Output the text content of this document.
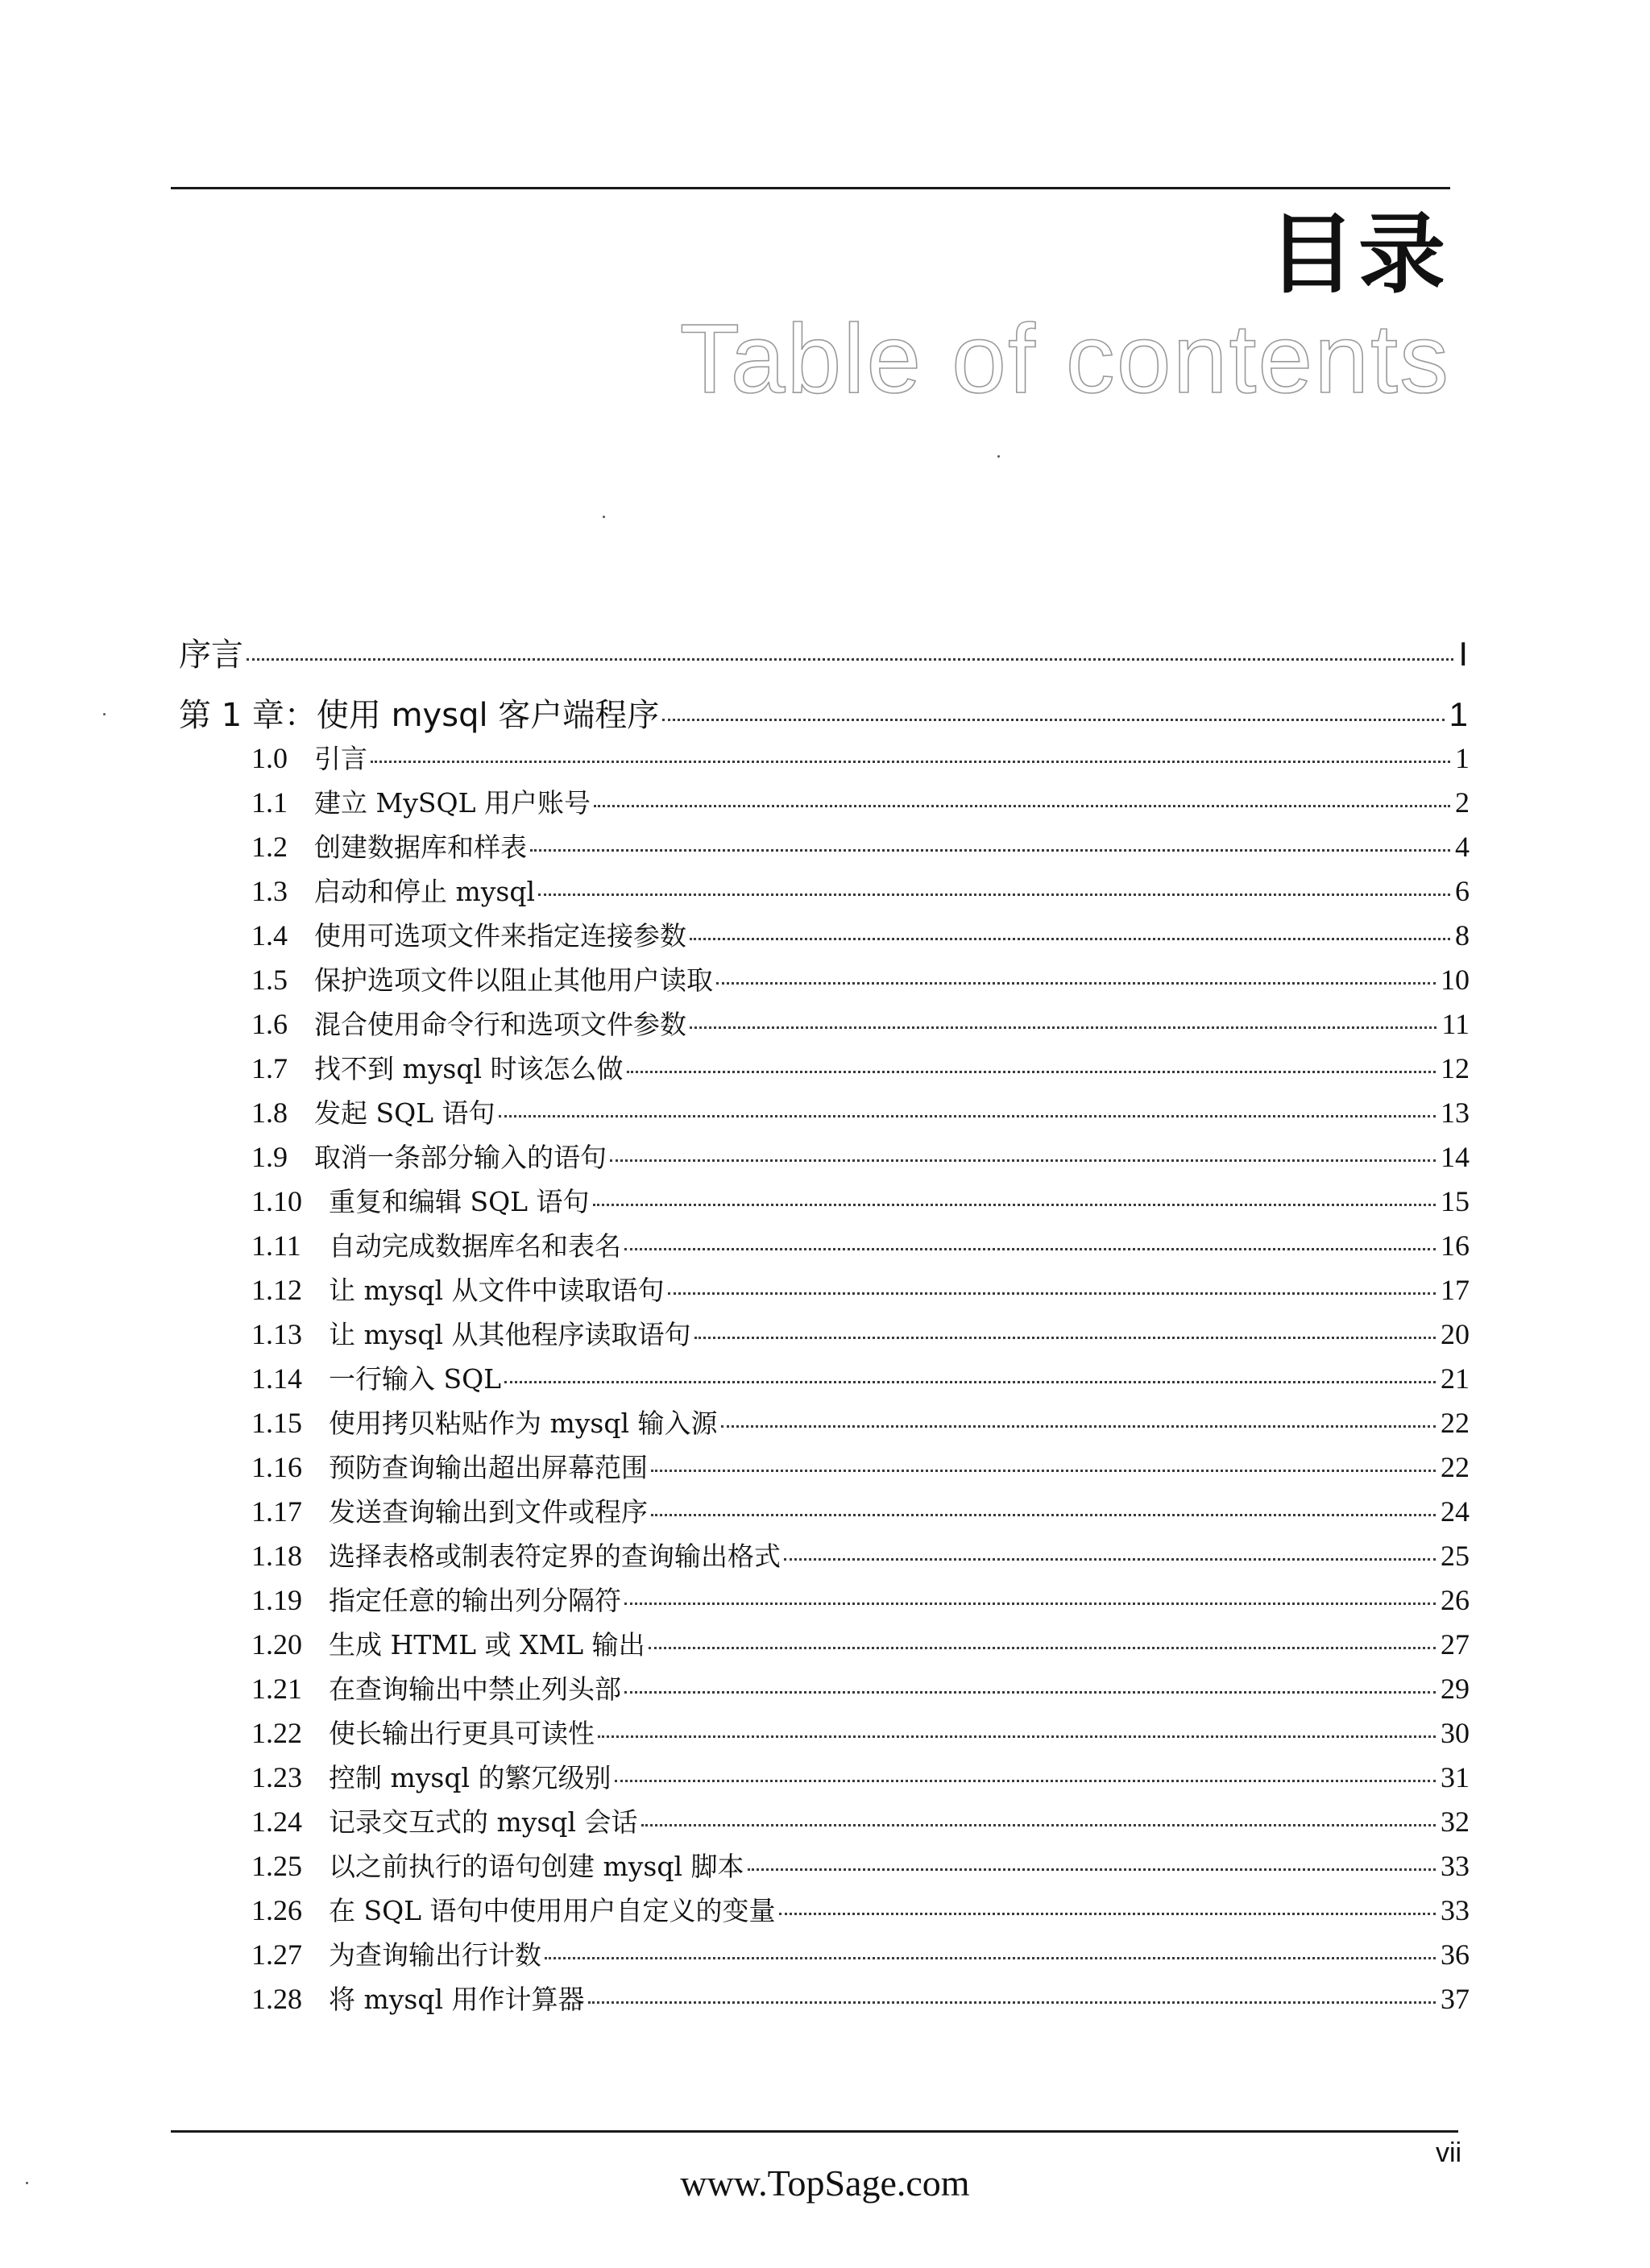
目录
Table of contents
序言	I
第 1 章：使用 mysql 客户端程序	1
1.0 引言	1
1.1 建立 MySQL 用户账号	2
1.2 创建数据库和样表	4
1.3 启动和停止 mysql	6
1.4 使用可选项文件来指定连接参数	8
1.5 保护选项文件以阻止其他用户读取	10
1.6 混合使用命令行和选项文件参数	11
1.7 找不到 mysql 时该怎么做	12
1.8 发起 SQL 语句	13
1.9 取消一条部分输入的语句	14
1.10 重复和编辑 SQL 语句	15
1.11 自动完成数据库名和表名	16
1.12 让 mysql 从文件中读取语句	17
1.13 让 mysql 从其他程序读取语句	20
1.14 一行输入 SQL	21
1.15 使用拷贝粘贴作为 mysql 输入源	22
1.16 预防查询输出超出屏幕范围	22
1.17 发送查询输出到文件或程序	24
1.18 选择表格或制表符定界的查询输出格式	25
1.19 指定任意的输出列分隔符	26
1.20 生成 HTML 或 XML 输出	27
1.21 在查询输出中禁止列头部	29
1.22 使长输出行更具可读性	30
1.23 控制 mysql 的繁冗级别	31
1.24 记录交互式的 mysql 会话	32
1.25 以之前执行的语句创建 mysql 脚本	33
1.26 在 SQL 语句中使用用户自定义的变量	33
1.27 为查询输出行计数	36
1.28 将 mysql 用作计算器	37
vii
www.TopSage.com
